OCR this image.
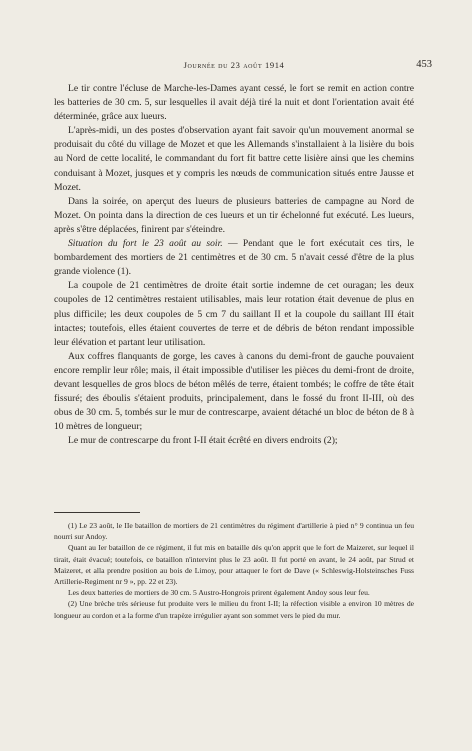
Journée du 23 août 1914	453

Le tir contre l'écluse de Marche-les-Dames ayant cessé, le fort se remit en action contre les batteries de 30 cm. 5, sur lesquelles il avait déjà tiré la nuit et dont l'orientation avait été déterminée, grâce aux lueurs.

L'après-midi, un des postes d'observation ayant fait savoir qu'un mouvement anormal se produisait du côté du village de Mozet et que les Allemands s'installaient à la lisière du bois au Nord de cette localité, le commandant du fort fit battre cette lisière ainsi que les chemins conduisant à Mozet, jusques et y compris les nœuds de communication situés entre Jausse et Mozet.

Dans la soirée, on aperçut des lueurs de plusieurs batteries de campagne au Nord de Mozet. On pointa dans la direction de ces lueurs et un tir échelonné fut exécuté. Les lueurs, après s'être déplacées, finirent par s'éteindre.

Situation du fort le 23 août au soir. — Pendant que le fort exécutait ces tirs, le bombardement des mortiers de 21 centimètres et de 30 cm. 5 n'avait cessé d'être de la plus grande violence (1).

La coupole de 21 centimètres de droite était sortie indemne de cet ouragan; les deux coupoles de 12 centimètres restaient utilisables, mais leur rotation était devenue de plus en plus difficile; les deux coupoles de 5 cm 7 du saillant II et la coupole du saillant III était intactes; toutefois, elles étaient couvertes de terre et de débris de béton rendant impossible leur élévation et partant leur utilisation.

Aux coffres flanquants de gorge, les caves à canons du demi-front de gauche pouvaient encore remplir leur rôle; mais, il était impossible d'utiliser les pièces du demi-front de droite, devant lesquelles de gros blocs de béton mêlés de terre, étaient tombés; le coffre de tête était fissuré; des éboulis s'étaient produits, principalement, dans le fossé du front II-III, où des obus de 30 cm. 5, tombés sur le mur de contrescarpe, avaient détaché un bloc de béton de 8 à 10 mètres de longueur;

Le mur de contrescarpe du front I-II était écrêté en divers endroits (2);

(1) Le 23 août, le IIe bataillon de mortiers de 21 centimètres du régiment d'artillerie à pied n° 9 continua un feu nourri sur Andoy.

Quant au Ier bataillon de ce régiment, il fut mis en bataille dès qu'on apprit que le fort de Maizeret, sur lequel il tirait, était évacué; toutefois, ce bataillon n'intervint plus le 23 août. Il fut porté en avant, le 24 août, par Strud et Maizeret, et alla prendre position au bois de Limoy, pour attaquer le fort de Dave (« Schleswig-Holsteinsches Fuss Artillerie-Regiment nr 9 », pp. 22 et 23).

Les deux batteries de mortiers de 30 cm. 5 Austro-Hongrois prirent également Andoy sous leur feu.

(2) Une brèche très sérieuse fut produite vers le milieu du front I-II; la réfection visible a environ 10 mètres de longueur au cordon et a la forme d'un trapèze irrégulier ayant son sommet vers le pied du mur.
